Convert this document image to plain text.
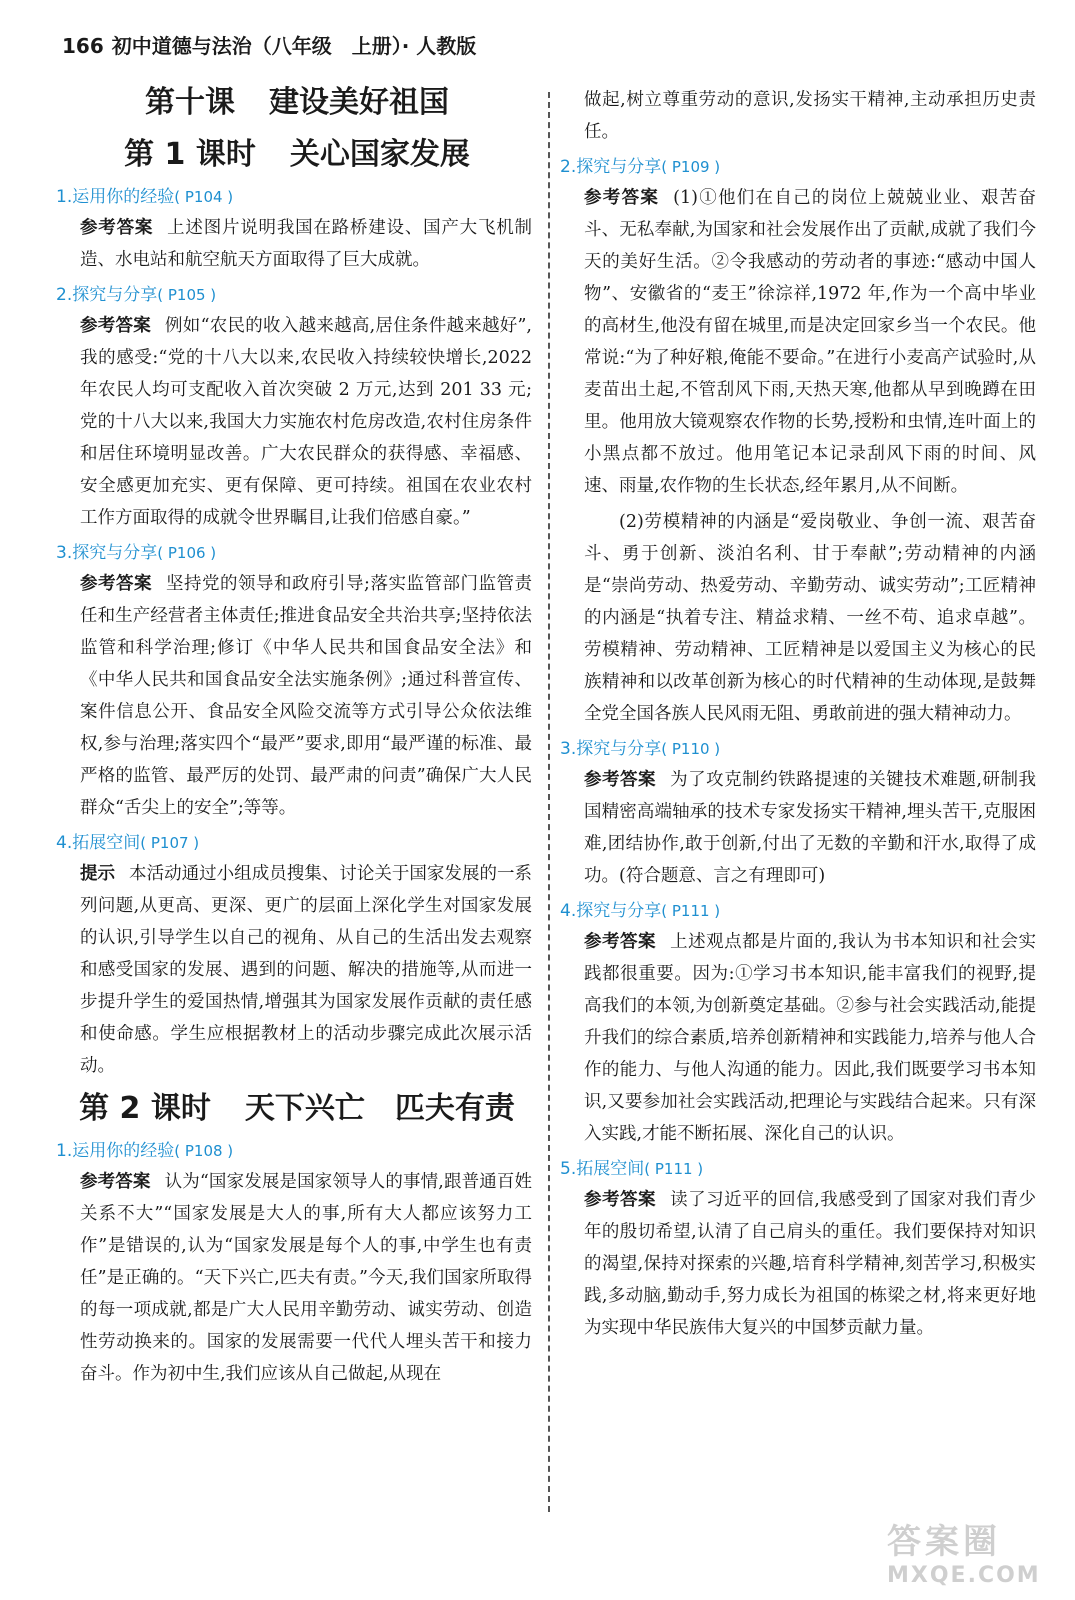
166 初中道德与法治（八年级　上册）· 人教版
第十课 建设美好祖国
第 1 课时 关心国家发展
1.运用你的经验( P104 )

参考答案 上述图片说明我国在路桥建设、国产大飞机制造、水电站和航空航天方面取得了巨大成就。

2.探究与分享( P105 )

参考答案 例如“农民的收入越来越高,居住条件越来越好”,我的感受:“党的十八大以来,农民收入持续较快增长,2022 年农民人均可支配收入首次突破 2 万元,达到 201 33 元;党的十八大以来,我国大力实施农村危房改造,农村住房条件和居住环境明显改善。广大农民群众的获得感、幸福感、安全感更加充实、更有保障、更可持续。祖国在农业农村工作方面取得的成就令世界瞩目,让我们倍感自豪。”

3.探究与分享( P106 )

参考答案 坚持党的领导和政府引导;落实监管部门监管责任和生产经营者主体责任;推进食品安全共治共享;坚持依法监管和科学治理;修订《中华人民共和国食品安全法》和《中华人民共和国食品安全法实施条例》;通过科普宣传、案件信息公开、食品安全风险交流等方式引导公众依法维权,参与治理;落实四个“最严”要求,即用“最严谨的标准、最严格的监管、最严厉的处罚、最严肃的问责”确保广大人民群众“舌尖上的安全”;等等。

4.拓展空间( P107 )

提示 本活动通过小组成员搜集、讨论关于国家发展的一系列问题,从更高、更深、更广的层面上深化学生对国家发展的认识,引导学生以自己的视角、从自己的生活出发去观察和感受国家的发展、遇到的问题、解决的措施等,从而进一步提升学生的爱国热情,增强其为国家发展作贡献的责任感和使命感。学生应根据教材上的活动步骤完成此次展示活动。

第 2 课时 天下兴亡　匹夫有责
1.运用你的经验( P108 )

参考答案 认为“国家发展是国家领导人的事情,跟普通百姓关系不大”“国家发展是大人的事,所有大人都应该努力工作”是错误的,认为“国家发展是每个人的事,中学生也有责任”是正确的。“天下兴亡,匹夫有责。”今天,我们国家所取得的每一项成就,都是广大人民用辛勤劳动、诚实劳动、创造性劳动换来的。国家的发展需要一代代人埋头苦干和接力奋斗。作为初中生,我们应该从自己做起,从现在

做起,树立尊重劳动的意识,发扬实干精神,主动承担历史责任。

2.探究与分享( P109 )

参考答案 (1)①他们在自己的岗位上兢兢业业、艰苦奋斗、无私奉献,为国家和社会发展作出了贡献,成就了我们今天的美好生活。②令我感动的劳动者的事迹:“感动中国人物”、安徽省的“麦王”徐淙祥,1972 年,作为一个高中毕业的高材生,他没有留在城里,而是决定回家乡当一个农民。他常说:“为了种好粮,俺能不要命。”在进行小麦高产试验时,从麦苗出土起,不管刮风下雨,天热天寒,他都从早到晚蹲在田里。他用放大镜观察农作物的长势,授粉和虫情,连叶面上的小黑点都不放过。他用笔记本记录刮风下雨的时间、风速、雨量,农作物的生长状态,经年累月,从不间断。

(2)劳模精神的内涵是“爱岗敬业、争创一流、艰苦奋斗、勇于创新、淡泊名利、甘于奉献”;劳动精神的内涵是“崇尚劳动、热爱劳动、辛勤劳动、诚实劳动”;工匠精神的内涵是“执着专注、精益求精、一丝不苟、追求卓越”。劳模精神、劳动精神、工匠精神是以爱国主义为核心的民族精神和以改革创新为核心的时代精神的生动体现,是鼓舞全党全国各族人民风雨无阻、勇敢前进的强大精神动力。

3.探究与分享( P110 )

参考答案 为了攻克制约铁路提速的关键技术难题,研制我国精密高端轴承的技术专家发扬实干精神,埋头苦干,克服困难,团结协作,敢于创新,付出了无数的辛勤和汗水,取得了成功。(符合题意、言之有理即可)

4.探究与分享( P111 )

参考答案 上述观点都是片面的,我认为书本知识和社会实践都很重要。因为:①学习书本知识,能丰富我们的视野,提高我们的本领,为创新奠定基础。②参与社会实践活动,能提升我们的综合素质,培养创新精神和实践能力,培养与他人合作的能力、与他人沟通的能力。因此,我们既要学习书本知识,又要参加社会实践活动,把理论与实践结合起来。只有深入实践,才能不断拓展、深化自己的认识。

5.拓展空间( P111 )

参考答案 读了习近平的回信,我感受到了国家对我们青少年的殷切希望,认清了自己肩头的重任。我们要保持对知识的渴望,保持对探索的兴趣,培育科学精神,刻苦学习,积极实践,多动脑,勤动手,努力成长为祖国的栋梁之材,将来更好地为实现中华民族伟大复兴的中国梦贡献力量。

答案圈
MXQE.COM
